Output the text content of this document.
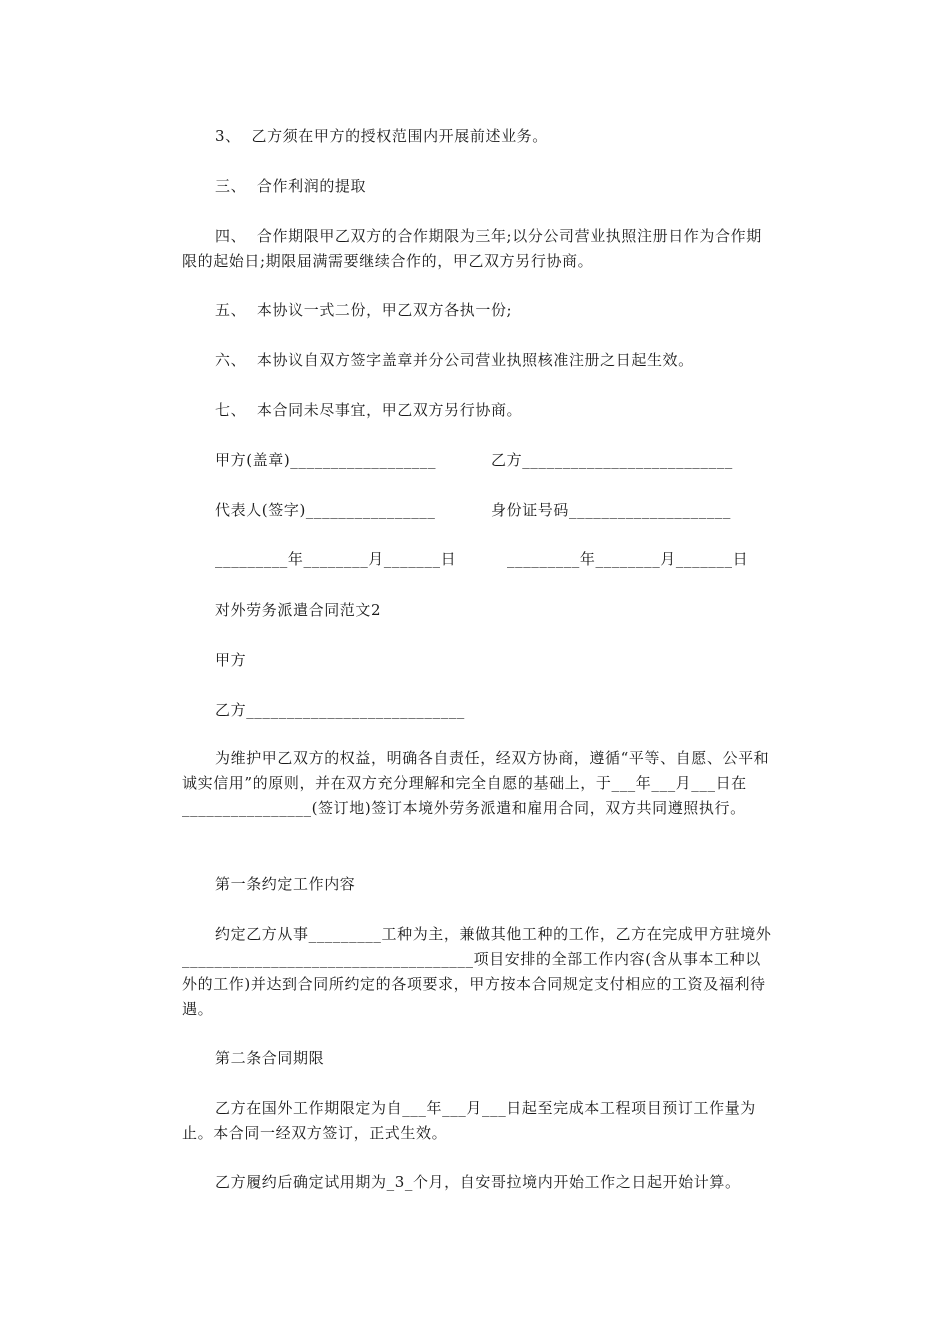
3、  乙方须在甲方的授权范围内开展前述业务。

三、  合作利润的提取

四、  合作期限甲乙双方的合作期限为三年;以分公司营业执照注册日作为合作期限的起始日;期限届满需要继续合作的，甲乙双方另行协商。

五、  本协议一式二份，甲乙双方各执一份;

六、  本协议自双方签字盖章并分公司营业执照核准注册之日起生效。

七、  本合同未尽事宜，甲乙双方另行协商。

甲方(盖章)__________________	乙方__________________________

代表人(签字)________________	身份证号码____________________

_________年________月_______日	_________年________月_______日

对外劳务派遣合同范文2

甲方

乙方___________________________

为维护甲乙双方的权益，明确各自责任，经双方协商，遵循“平等、自愿、公平和诚实信用”的原则，并在双方充分理解和完全自愿的基础上，于___年___月___日在________________(签订地)签订本境外劳务派遣和雇用合同，双方共同遵照执行。

第一条约定工作内容

约定乙方从事_________工种为主，兼做其他工种的工作，乙方在完成甲方驻境外____________________________________项目安排的全部工作内容(含从事本工种以外的工作)并达到合同所约定的各项要求，甲方按本合同规定支付相应的工资及福利待遇。

第二条合同期限

乙方在国外工作期限定为自___年___月___日起至完成本工程项目预订工作量为止。本合同一经双方签订，正式生效。

乙方履约后确定试用期为_3_个月，自安哥拉境内开始工作之日起开始计算。
